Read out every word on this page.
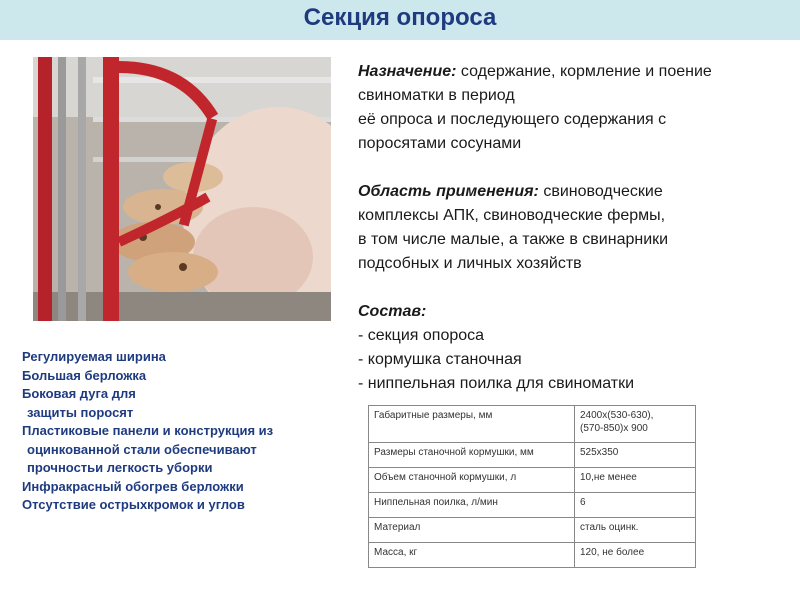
Секция опороса

Назначение: содержание, кормление и поение свиноматки в период

её опроса и последующего содержания с

поросятами сосунами

Область применения: свиноводческие

комплексы АПК, свиноводческие фермы,

в том числе малые, а также в свинарники

подсобных и личных хозяйств

Состав:

- секция опороса

- кормушка станочная

- ниппельная поилка для свиноматки

Регулируемая ширина

Большая берложка

Боковая дуга для

защиты поросят

Пластиковые панели и конструкция из

оцинкованной стали обеспечивают

прочностьи легкость уборки

Инфракрасный обогрев берложки

Отсутствие острыхкромок и углов

Габаритные размеры, мм	2400х(530-630),
(570-850)х 900

Размеры станочной кормушки, мм	525х350
Объем станочной кормушки, л	10,не менее
Ниппельная поилка, л/мин	6
Материал	сталь оцинк.
Масса, кг	120, не более
